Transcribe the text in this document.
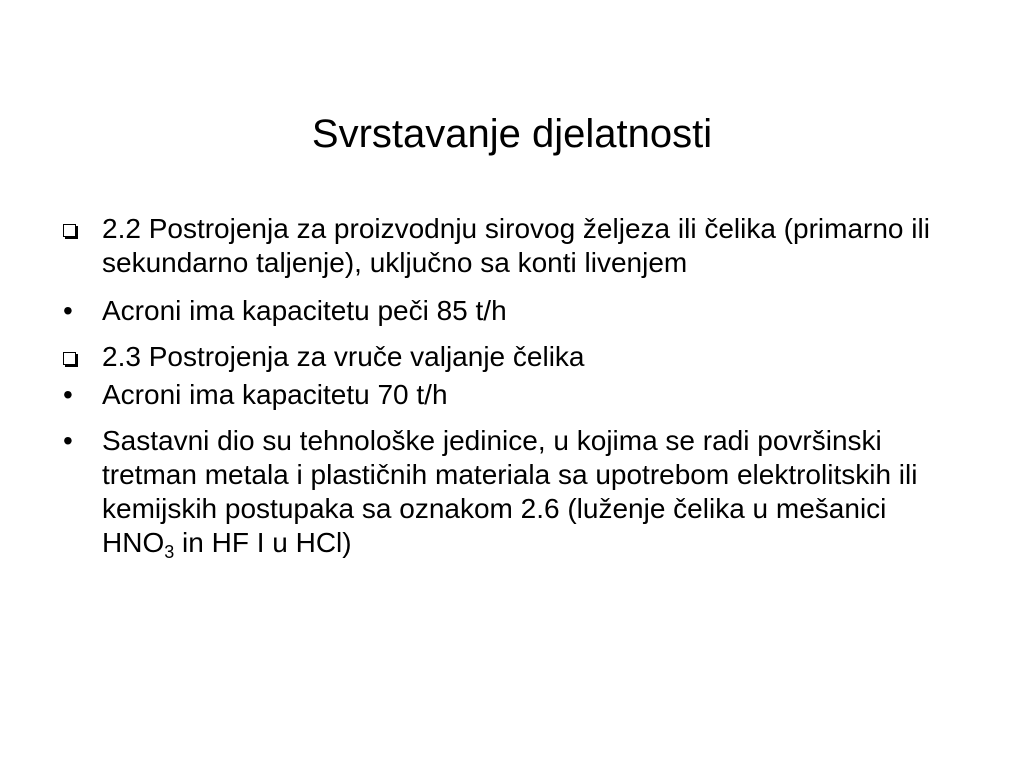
Svrstavanje djelatnosti
2.2 Postrojenja za proizvodnju sirovog željeza ili čelika (primarno ili sekundarno taljenje), uključno sa konti livenjem
•
Acroni ima kapacitetu peči 85 t/h
2.3 Postrojenja za vruče valjanje čelika
•
Acroni ima kapacitetu 70 t/h
•
Sastavni dio su tehnološke jedinice, u kojima se radi površinski tretman metala i plastičnih materiala sa upotrebom elektrolitskih ili kemijskih postupaka sa oznakom 2.6 (luženje čelika u mešanici $HNO_3$ in HF I u HCl)
